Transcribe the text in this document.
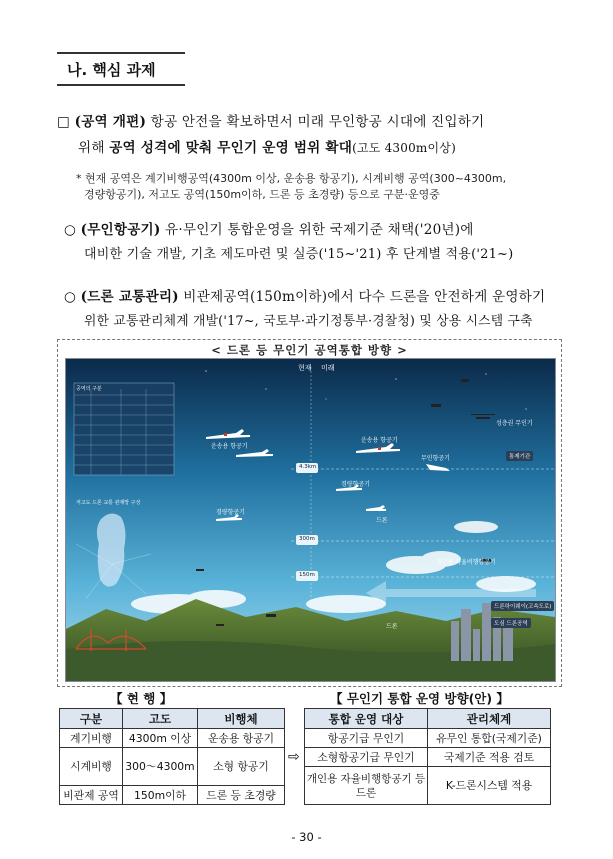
나. 핵심 과제
□ (공역 개편) 항공 안전을 확보하면서 미래 무인항공 시대에 진입하기
위해 공역 성격에 맞춰 무인기 운영 범위 확대(고도 4300m이상)
* 현재 공역은 계기비행공역(4300m 이상, 운송용 항공기), 시계비행 공역(300~4300m,
경량항공기), 저고도 공역(150m이하, 드론 등 초경량) 등으로 구분·운영중
○ (무인항공기) 유·무인기 통합운영을 위한 국제기준 채택('20년)에
대비한 기술 개발, 기초 제도마련 및 실증('15~'21) 후 단계별 적용('21~)
○ (드론 교통관리) 비관제공역(150m이하)에서 다수 드론을 안전하게 운영하기
위한 교통관리체계 개발('17~, 국토부·과기정통부·경찰청) 및 상용 시스템 구축
< 드론 등 무인기 공역통합 방향 >
현재 미래
4.3km
300m
150m
공역의 구분
저고도 드론 교통 관제망 구성
운송용 항공기
운송용 항공기
무인항공기
성층권 무인기
경량항공기
경량항공기
드론
개인용 자율비행항공기
드론
통제기관
드론하이웨이(고속도로)
도심 드론공역
【 현 행 】	【 무인기 통합 운영 방향(안) 】
구분	고도	비행체
계기비행	4300m 이상	운송용 항공기
시계비행	300～4300m	소형 항공기
비관제 공역	150m이하	드론 등 초경량
⇨
통합 운영 대상	관리체계
항공기급 무인기	유무인 통합(국제기준)
소형항공기급 무인기	국제기준 적용 검토
개인용 자율비행항공기 등 드론	K-드론시스템 적용
- 30 -
